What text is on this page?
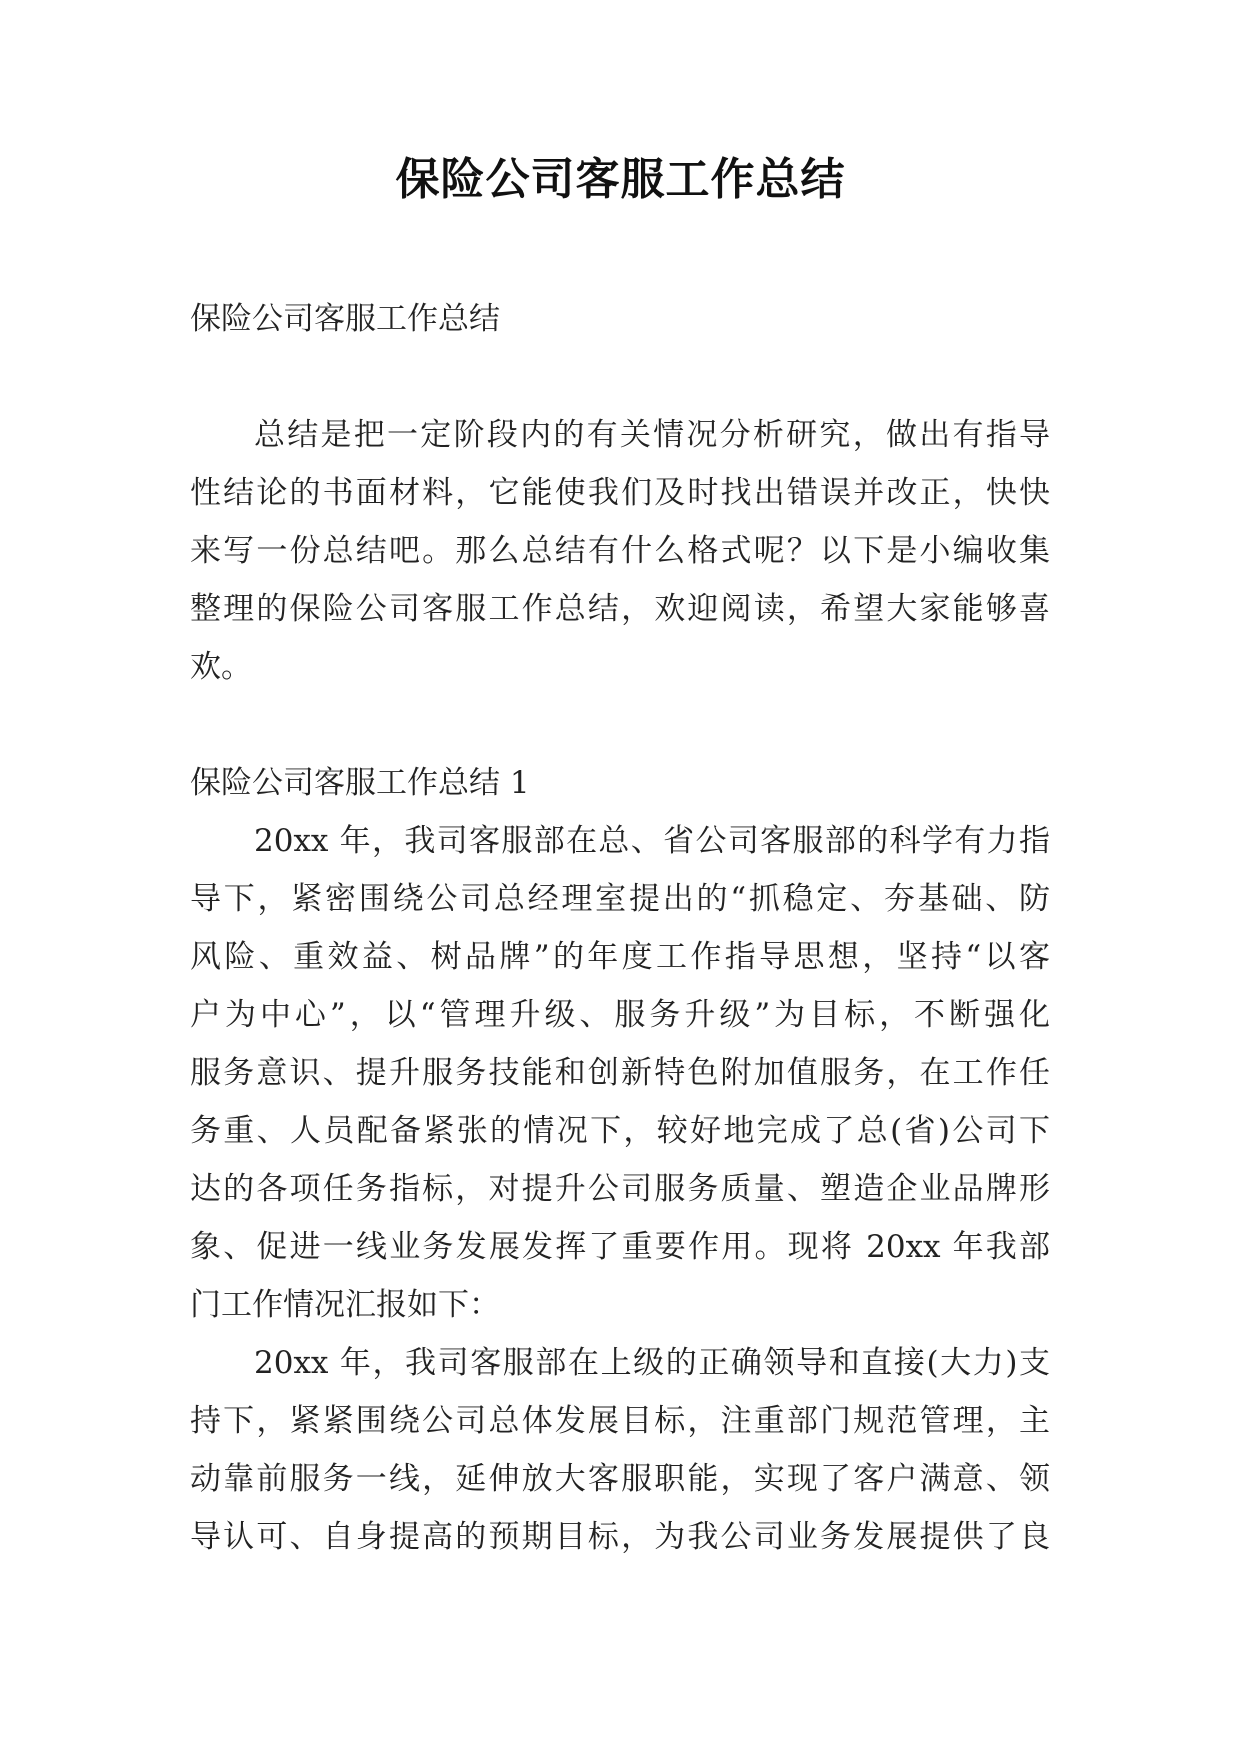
保险公司客服工作总结
保险公司客服工作总结
总结是把一定阶段内的有关情况分析研究，做出有指导
性结论的书面材料，它能使我们及时找出错误并改正，快快
来写一份总结吧。那么总结有什么格式呢？以下是小编收集
整理的保险公司客服工作总结，欢迎阅读，希望大家能够喜
欢。
保险公司客服工作总结 1
20xx 年，我司客服部在总、省公司客服部的科学有力指
导下，紧密围绕公司总经理室提出的“抓稳定、夯基础、防
风险、重效益、树品牌”的年度工作指导思想，坚持“以客
户为中心”，以“管理升级、服务升级”为目标，不断强化
服务意识、提升服务技能和创新特色附加值服务，在工作任
务重、人员配备紧张的情况下，较好地完成了总(省)公司下
达的各项任务指标，对提升公司服务质量、塑造企业品牌形
象、促进一线业务发展发挥了重要作用。现将 20xx 年我部
门工作情况汇报如下：
20xx 年，我司客服部在上级的正确领导和直接(大力)支
持下，紧紧围绕公司总体发展目标，注重部门规范管理，主
动靠前服务一线，延伸放大客服职能，实现了客户满意、领
导认可、自身提高的预期目标，为我公司业务发展提供了良
